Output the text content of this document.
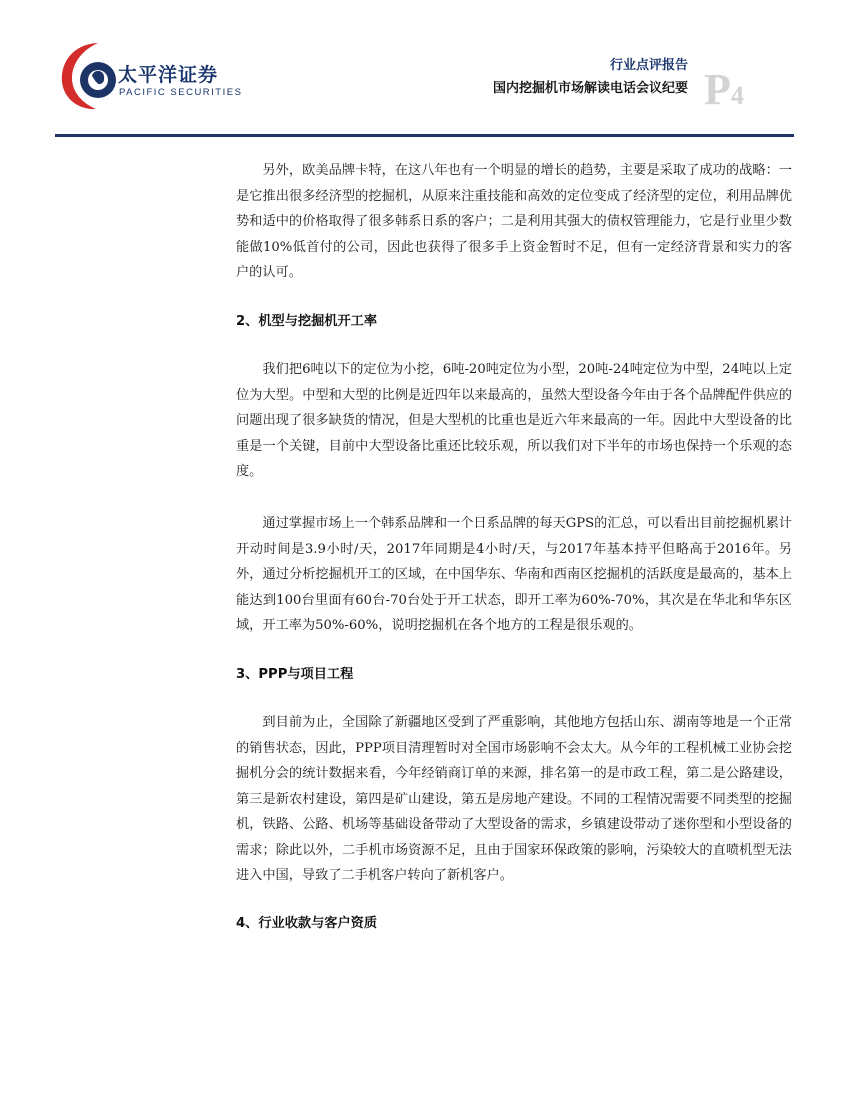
太平洋证券
PACIFIC SECURITIES
行业点评报告
国内挖掘机市场解读电话会议纪要 P4

另外，欧美品牌卡特，在这八年也有一个明显的增长的趋势，主要是采取了成功的战略：一是它推出很多经济型的挖掘机，从原来注重技能和高效的定位变成了经济型的定位，利用品牌优势和适中的价格取得了很多韩系日系的客户；二是利用其强大的债权管理能力，它是行业里少数能做10%低首付的公司，因此也获得了很多手上资金暂时不足，但有一定经济背景和实力的客户的认可。

2、机型与挖掘机开工率

我们把6吨以下的定位为小挖，6吨-20吨定位为小型，20吨-24吨定位为中型，24吨以上定位为大型。中型和大型的比例是近四年以来最高的，虽然大型设备今年由于各个品牌配件供应的问题出现了很多缺货的情况，但是大型机的比重也是近六年来最高的一年。因此中大型设备的比重是一个关键，目前中大型设备比重还比较乐观，所以我们对下半年的市场也保持一个乐观的态度。

通过掌握市场上一个韩系品牌和一个日系品牌的每天GPS的汇总，可以看出目前挖掘机累计开动时间是3.9小时/天，2017年同期是4小时/天，与2017年基本持平但略高于2016年。另外，通过分析挖掘机开工的区域，在中国华东、华南和西南区挖掘机的活跃度是最高的，基本上能达到100台里面有60台-70台处于开工状态，即开工率为60%-70%，其次是在华北和华东区域，开工率为50%-60%，说明挖掘机在各个地方的工程是很乐观的。

3、PPP与项目工程

到目前为止，全国除了新疆地区受到了严重影响，其他地方包括山东、湖南等地是一个正常的销售状态，因此，PPP项目清理暂时对全国市场影响不会太大。从今年的工程机械工业协会挖掘机分会的统计数据来看，今年经销商订单的来源，排名第一的是市政工程，第二是公路建设，第三是新农村建设，第四是矿山建设，第五是房地产建设。不同的工程情况需要不同类型的挖掘机，铁路、公路、机场等基础设备带动了大型设备的需求，乡镇建设带动了迷你型和小型设备的需求；除此以外，二手机市场资源不足，且由于国家环保政策的影响，污染较大的直喷机型无法进入中国，导致了二手机客户转向了新机客户。

4、行业收款与客户资质
